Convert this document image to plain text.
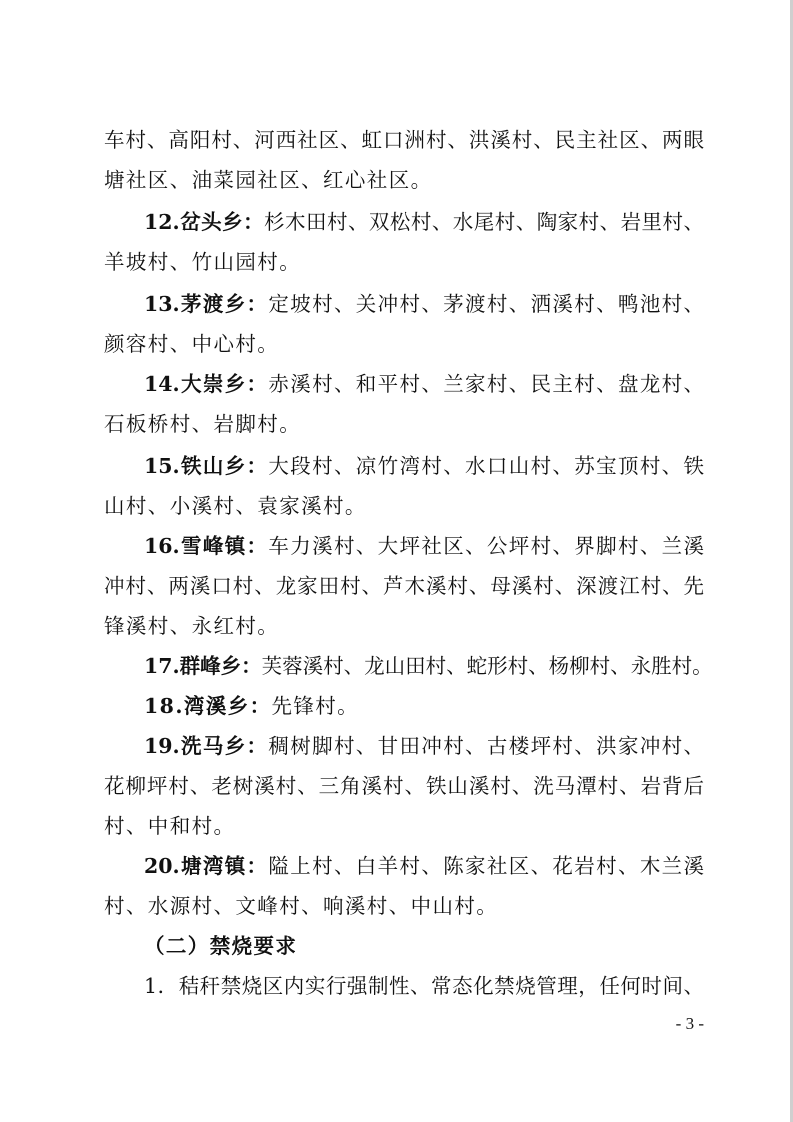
车村、高阳村、河西社区、虹口洲村、洪溪村、民主社区、两眼
塘社区、油菜园社区、红心社区。
12.岔头乡：杉木田村、双松村、水尾村、陶家村、岩里村、
羊坡村、竹山园村。
13.茅渡乡：定坡村、关冲村、茅渡村、洒溪村、鸭池村、
颜容村、中心村。
14.大崇乡：赤溪村、和平村、兰家村、民主村、盘龙村、
石板桥村、岩脚村。
15.铁山乡：大段村、凉竹湾村、水口山村、苏宝顶村、铁
山村、小溪村、袁家溪村。
16.雪峰镇：车力溪村、大坪社区、公坪村、界脚村、兰溪
冲村、两溪口村、龙家田村、芦木溪村、母溪村、深渡江村、先
锋溪村、永红村。
17.群峰乡：芙蓉溪村、龙山田村、蛇形村、杨柳村、永胜村。
18.湾溪乡：先锋村。
19.洗马乡：稠树脚村、甘田冲村、古楼坪村、洪家冲村、
花柳坪村、老树溪村、三角溪村、铁山溪村、洗马潭村、岩背后
村、中和村。
20.塘湾镇：隘上村、白羊村、陈家社区、花岩村、木兰溪
村、水源村、文峰村、响溪村、中山村。
（二）禁烧要求
1．秸秆禁烧区内实行强制性、常态化禁烧管理，任何时间、
- 3 -
